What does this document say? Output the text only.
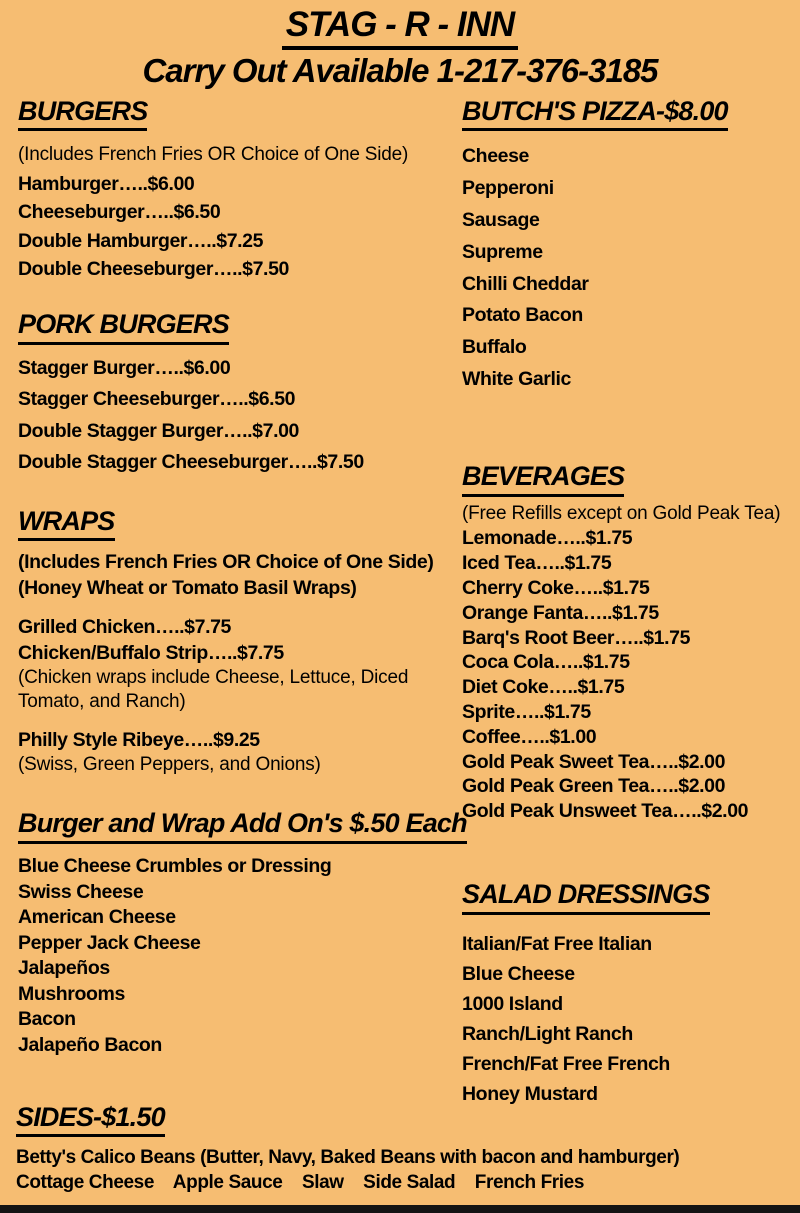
STAG - R - INN
Carry Out Available 1-217-376-3185
BURGERS
(Includes French Fries OR Choice of One Side)
Hamburger…..$6.00
Cheeseburger…..$6.50
Double Hamburger…..$7.25
Double Cheeseburger…..$7.50
PORK BURGERS
Stagger Burger…..$6.00
Stagger Cheeseburger…..$6.50
Double Stagger Burger…..$7.00
Double Stagger Cheeseburger…..$7.50
WRAPS
(Includes French Fries OR Choice of One Side)
(Honey Wheat or Tomato Basil Wraps)
Grilled Chicken…..$7.75
Chicken/Buffalo Strip…..$7.75
(Chicken wraps include Cheese, Lettuce, Diced Tomato, and Ranch)
Philly Style Ribeye…..$9.25
(Swiss, Green Peppers, and Onions)
Burger and Wrap Add On's $.50 Each
Blue Cheese Crumbles or Dressing
Swiss Cheese
American Cheese
Pepper Jack Cheese
Jalapeños
Mushrooms
Bacon
Jalapeño Bacon
BUTCH'S PIZZA-$8.00
Cheese
Pepperoni
Sausage
Supreme
Chilli Cheddar
Potato Bacon
Buffalo
White Garlic
BEVERAGES
(Free Refills except on Gold Peak Tea)
Lemonade…..$1.75
Iced Tea…..$1.75
Cherry Coke…..$1.75
Orange Fanta…..$1.75
Barq's Root Beer…..$1.75
Coca Cola…..$1.75
Diet Coke…..$1.75
Sprite…..$1.75
Coffee…..$1.00
Gold Peak Sweet Tea…..$2.00
Gold Peak Green Tea…..$2.00
Gold Peak Unsweet Tea…..$2.00
SALAD DRESSINGS
Italian/Fat Free Italian
Blue Cheese
1000 Island
Ranch/Light Ranch
French/Fat Free French
Honey Mustard
SIDES-$1.50
Betty's Calico Beans (Butter, Navy, Baked Beans with bacon and hamburger)
Cottage Cheese    Apple Sauce    Slaw    Side Salad    French Fries
